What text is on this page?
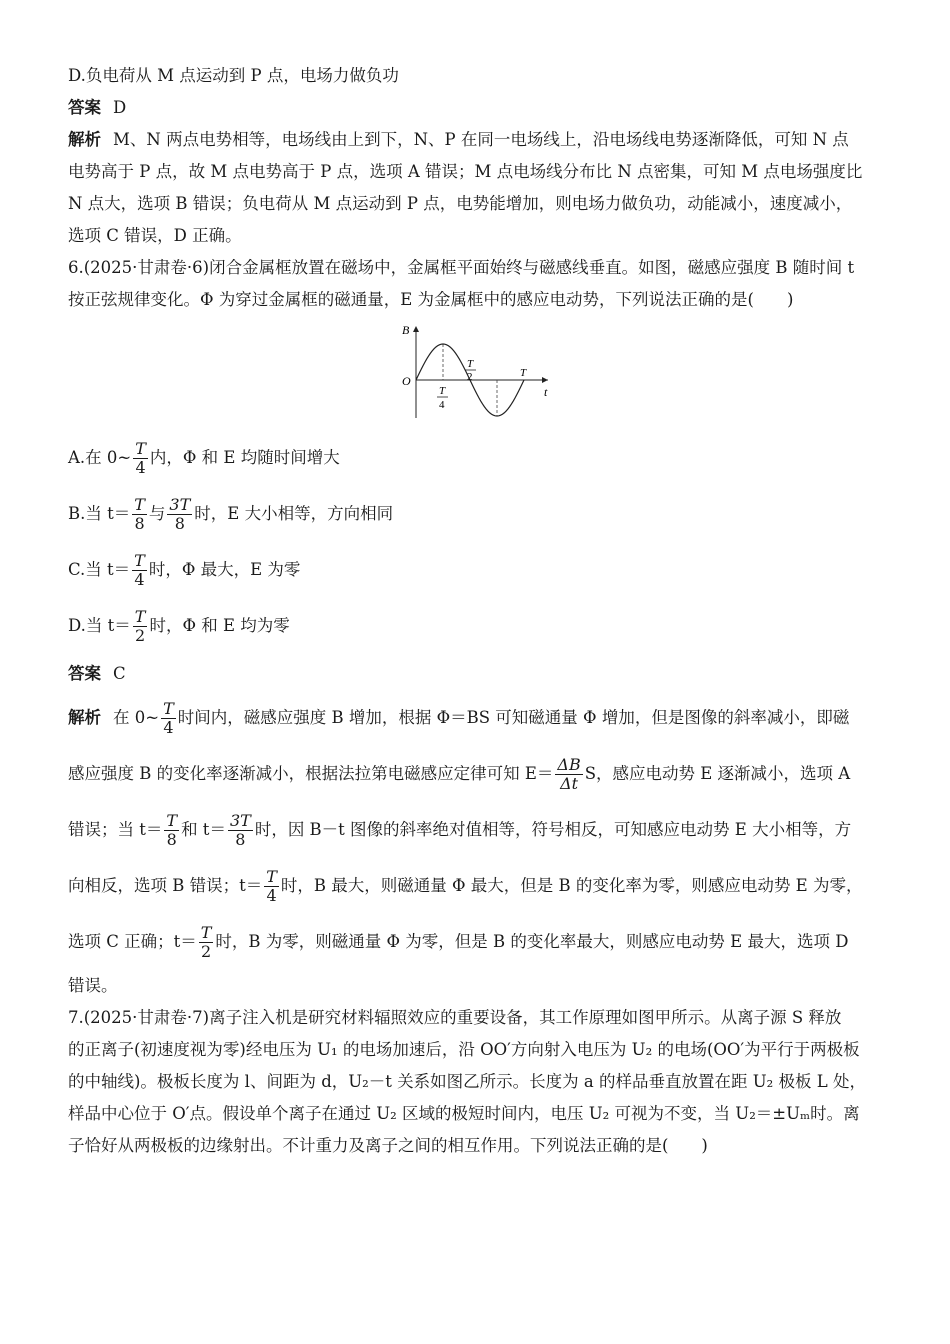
D.负电荷从 M 点运动到 P 点，电场力做负功
答案 D
解析 M、N 两点电势相等，电场线由上到下，N、P 在同一电场线上，沿电场线电势逐渐降低，可知 N 点
电势高于 P 点，故 M 点电势高于 P 点，选项 A 错误；M 点电场线分布比 N 点密集，可知 M 点电场强度比
N 点大，选项 B 错误；负电荷从 M 点运动到 P 点，电势能增加，则电场力做负功，动能减小，速度减小，
选项 C 错误，D 正确。
6.(2025·甘肃卷·6)闭合金属框放置在磁场中，金属框平面始终与磁感线垂直。如图，磁感应强度 B 随时间 t
按正弦规律变化。Φ 为穿过金属框的磁通量，E 为金属框中的感应电动势，下列说法正确的是(　　)
B
t
O
T
4
T
2	T
A.在 0~ $\frac{T}{4}$ 内，Φ 和 E 均随时间增大
B.当 $t= \frac{T}{8}$ 与 $\frac{3T}{8}$ 时，E 大小相等，方向相同
C.当 $t= \frac{T}{4}$ 时，Φ 最大，E 为零
D.当 $t= \frac{T}{2}$ 时，Φ 和 E 均为零
答案 C
解析 在 0~ $\frac{T}{4}$ 时间内，磁感应强度 B 增加，根据 Φ＝BS 可知磁通量 Φ 增加，但是图像的斜率减小，即磁
感应强度 B 的变化率逐渐减小，根据法拉第电磁感应定律可知 $E= \frac{\Delta B}{\Delta t}$ S，感应电动势 E 逐渐减小，选项 A
错误；当 $t= \frac{T}{8}$ 和 $t= \frac{3T}{8}$ 时，因 B－t 图像的斜率绝对值相等，符号相反，可知感应电动势 E 大小相等，方
向相反，选项 B 错误；$t= \frac{T}{4}$ 时，B 最大，则磁通量 Φ 最大，但是 B 的变化率为零，则感应电动势 E 为零，
选项 C 正确；$t= \frac{T}{2}$ 时，B 为零，则磁通量 Φ 为零，但是 B 的变化率最大，则感应电动势 E 最大，选项 D
错误。
7.(2025·甘肃卷·7)离子注入机是研究材料辐照效应的重要设备，其工作原理如图甲所示。从离子源 S 释放
的正离子(初速度视为零)经电压为 U₁ 的电场加速后，沿 OO′方向射入电压为 U₂ 的电场(OO′为平行于两极板
的中轴线)。极板长度为 l、间距为 d，U₂－t 关系如图乙所示。长度为 a 的样品垂直放置在距 U₂ 极板 L 处，
样品中心位于 O′点。假设单个离子在通过 U₂ 区域的极短时间内，电压 U₂ 可视为不变，当 U₂＝±Uₘ时。离
子恰好从两极板的边缘射出。不计重力及离子之间的相互作用。下列说法正确的是(　　)
